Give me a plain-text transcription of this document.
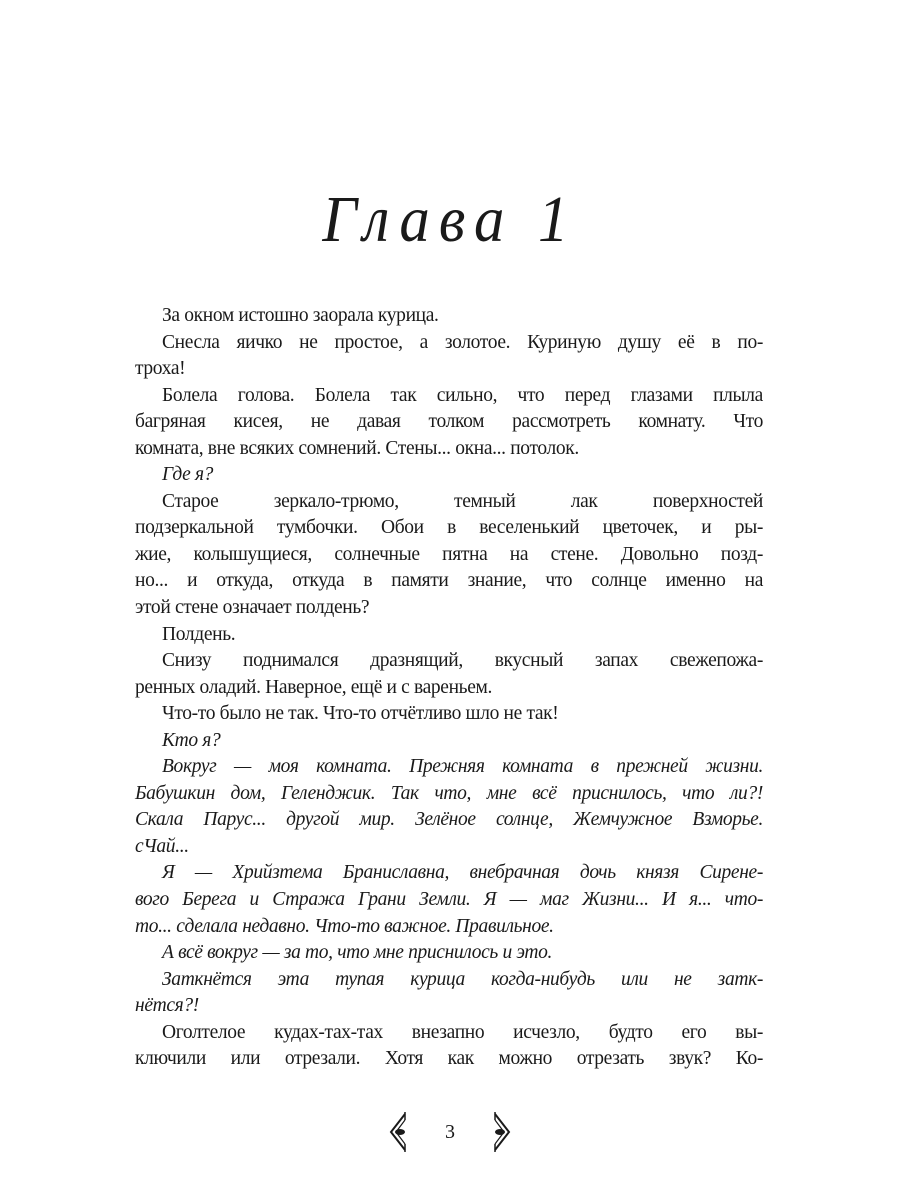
Глава 1
За окном истошно заорала курица.
Снесла яичко не простое, а золотое. Куриную душу её в по-
троха!
Болела голова. Болела так сильно, что перед глазами плыла
багряная кисея, не давая толком рассмотреть комнату. Что
комната, вне всяких сомнений. Стены... окна... потолок.
Где я?
Старое зеркало-трюмо, темный лак поверхностей
подзеркальной тумбочки. Обои в веселенький цветочек, и ры-
жие, колышущиеся, солнечные пятна на стене. Довольно позд-
но... и откуда, откуда в памяти знание, что солнце именно на
этой стене означает полдень?
Полдень.
Снизу поднимался дразнящий, вкусный запах свежепожа-
ренных оладий. Наверное, ещё и с вареньем.
Что-то было не так. Что-то отчётливо шло не так!
Кто я?
Вокруг — моя комната. Прежняя комната в прежней жизни.
Бабушкин дом, Геленджик. Так что, мне всё приснилось, что ли?!
Скала Парус... другой мир. Зелёное солнце, Жемчужное Взморье.
сЧай...
Я — Хрийзтема Браниславна, внебрачная дочь князя Сирене-
вого Берега и Стража Грани Земли. Я — маг Жизни... И я... что-
то... сделала недавно. Что-то важное. Правильное.
А всё вокруг — за то, что мне приснилось и это.
Заткнётся эта тупая курица когда-нибудь или не затк-
нётся?!
Оголтелое кудах-тах-тах внезапно исчезло, будто его вы-
ключили или отрезали. Хотя как можно отрезать звук? Ко-
3
